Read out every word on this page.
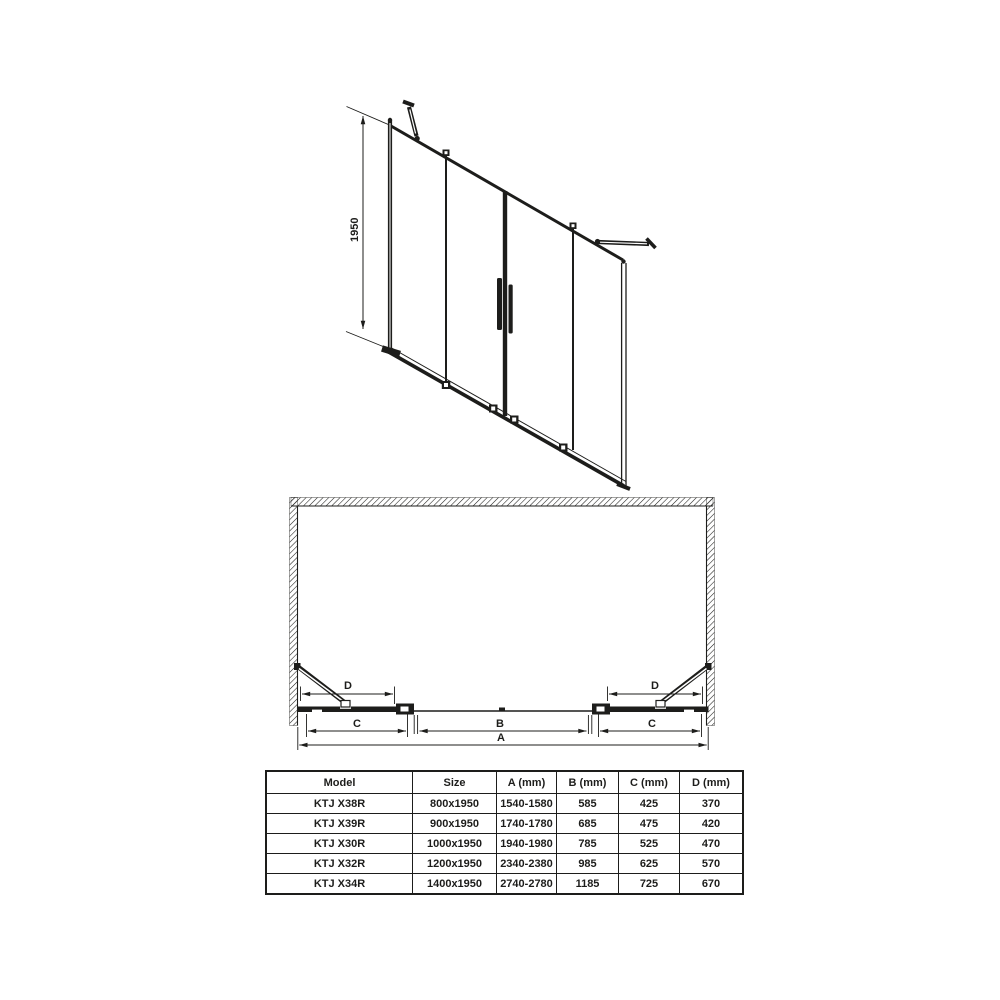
1950
D	D
C	B	C
A
Model	Size	A (mm)	B (mm)	C (mm)	D (mm)
KTJ X38R	800x1950	1540-1580	585	425	370
KTJ X39R	900x1950	1740-1780	685	475	420
KTJ X30R	1000x1950	1940-1980	785	525	470
KTJ X32R	1200x1950	2340-2380	985	625	570
KTJ X34R	1400x1950	2740-2780	1185	725	670
